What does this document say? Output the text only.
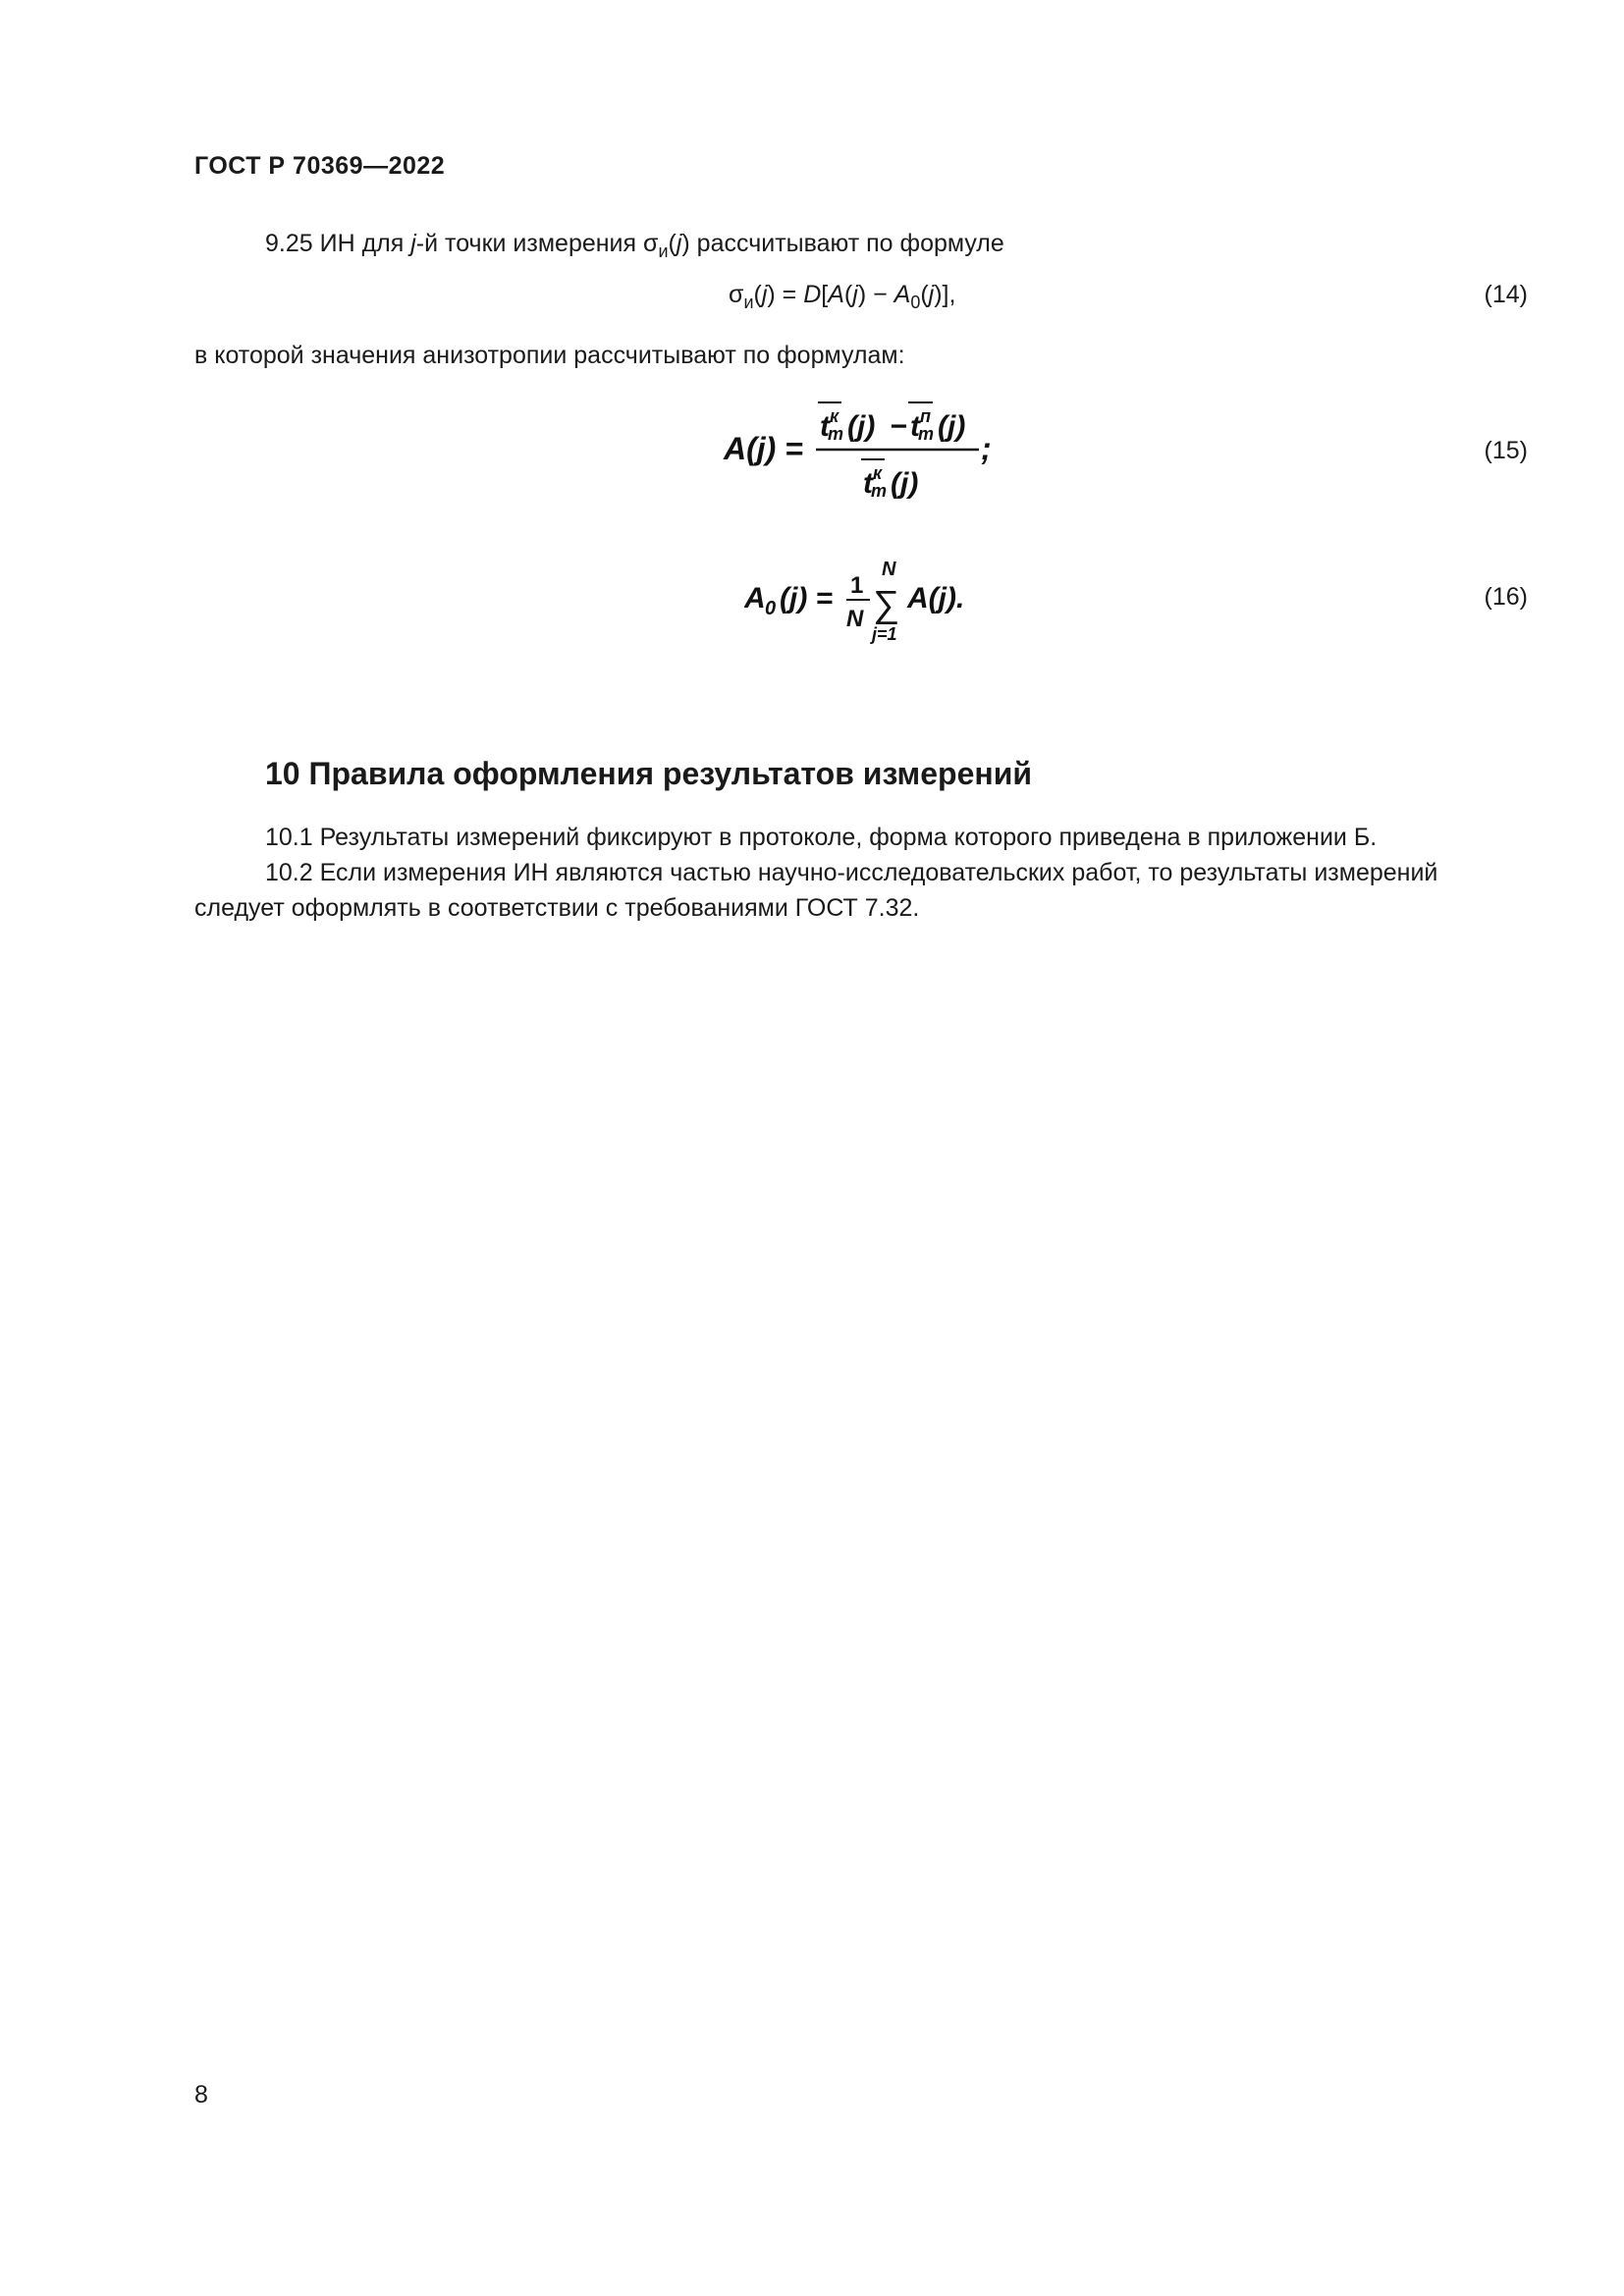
ГОСТ Р 70369—2022
9.25 ИН для j-й точки измерения $\sigma_и(j)$ рассчитывают по формуле
$\sigma_и(j) = D[A(j) - A_0(j)]$,	(14)
в которой значения анизотропии рассчитывают по формулам:
A(j) =
t к
m (j) − t п
m (j)
t к
m (j)
;	(15)
A 0 (j) = 1
N
N
∑
j=1
A(j).	(16)
10 Правила оформления результатов измерений
10.1 Результаты измерений фиксируют в протоколе, форма которого приведена в приложении Б.
10.2 Если измерения ИН являются частью научно-исследовательских работ, то результаты измерений следует оформлять в соответствии с требованиями ГОСТ 7.32.
8
